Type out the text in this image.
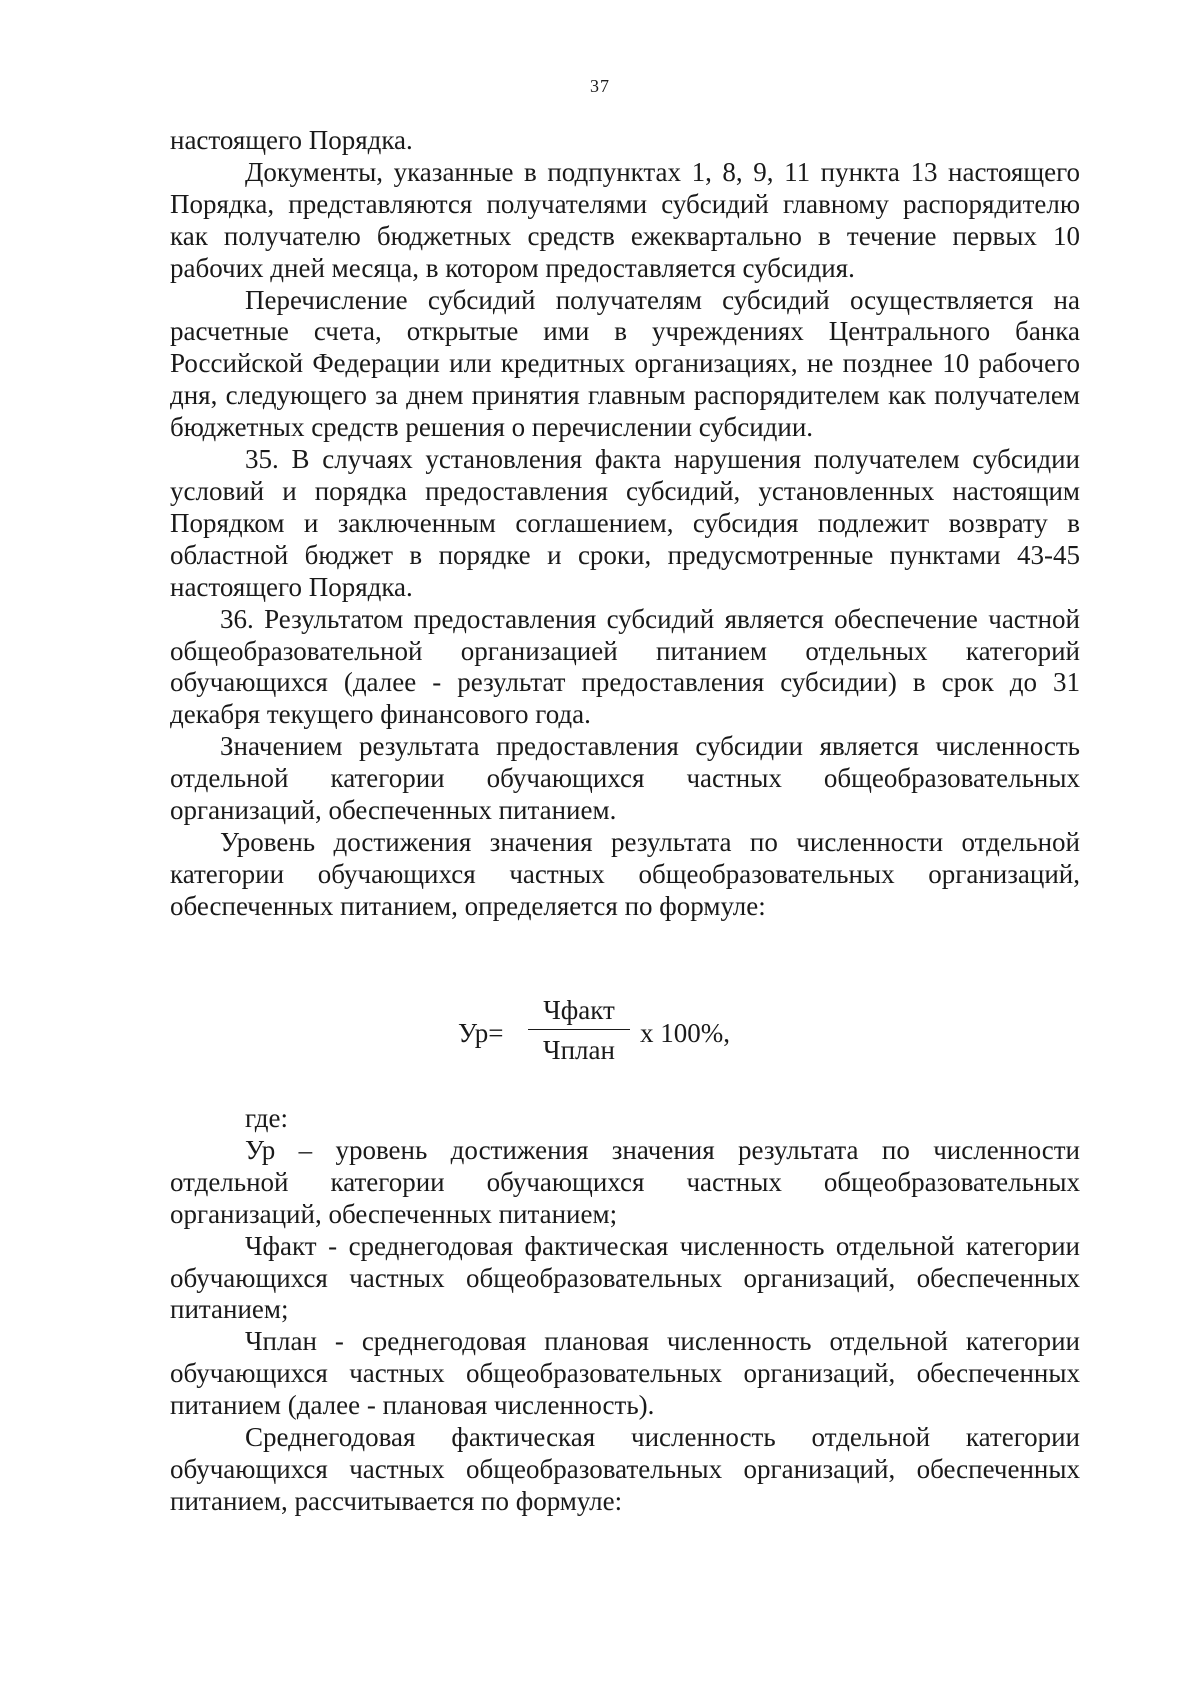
37

настоящего Порядка.

Документы, указанные в подпунктах 1, 8, 9, 11 пункта 13 настоящего Порядка, представляются получателями субсидий главному распорядителю как получателю бюджетных средств ежеквартально в течение первых 10 рабочих дней месяца, в котором предоставляется субсидия.

Перечисление субсидий получателям субсидий осуществляется на расчетные счета, открытые ими в учреждениях Центрального банка Российской Федерации или кредитных организациях, не позднее 10 рабочего дня, следующего за днем принятия главным распорядителем как получателем бюджетных средств решения о перечислении субсидии.

35. В случаях установления факта нарушения получателем субсидии условий и порядка предоставления субсидий, установленных настоящим Порядком и заключенным соглашением, субсидия подлежит возврату в областной бюджет в порядке и сроки, предусмотренные пунктами 43-45 настоящего Порядка.

36. Результатом предоставления субсидий является обеспечение частной общеобразовательной организацией питанием отдельных категорий обучающихся (далее - результат предоставления субсидии) в срок до 31 декабря текущего финансового года.

Значением результата предоставления субсидии является численность отдельной категории обучающихся частных общеобразовательных организаций, обеспеченных питанием.

Уровень достижения значения результата по численности отдельной категории обучающихся частных общеобразовательных организаций, обеспеченных питанием, определяется по формуле:

Ур=
Чфакт
Чплан
х 100%,

где:

Ур – уровень достижения значения результата по численности отдельной категории обучающихся частных общеобразовательных организаций, обеспеченных питанием;

Чфакт - среднегодовая фактическая численность отдельной категории обучающихся частных общеобразовательных организаций, обеспеченных питанием;

Чплан - среднегодовая плановая численность отдельной категории обучающихся частных общеобразовательных организаций, обеспеченных питанием (далее - плановая численность).

Среднегодовая фактическая численность отдельной категории обучающихся частных общеобразовательных организаций, обеспеченных питанием, рассчитывается по формуле:
